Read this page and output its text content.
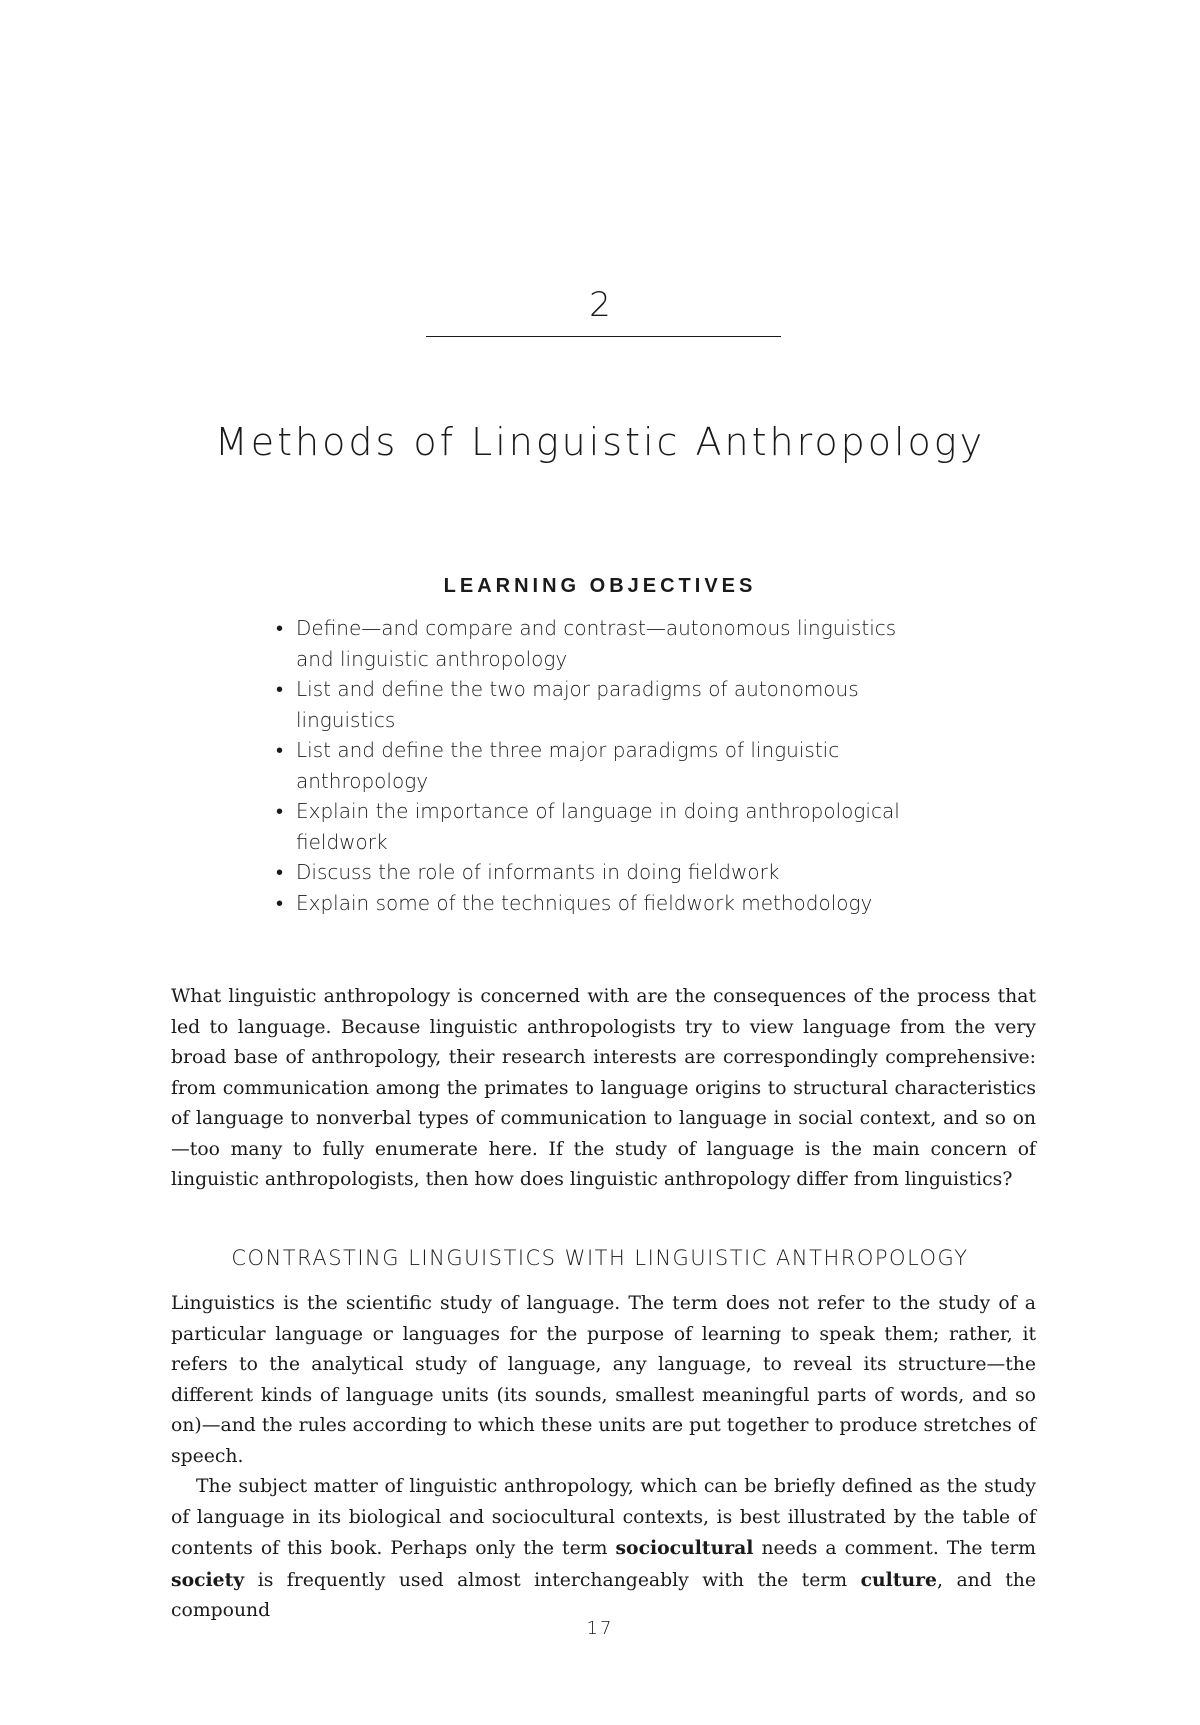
2
Methods of Linguistic Anthropology
LEARNING OBJECTIVES
• Define—and compare and contrast—autonomous linguistics and linguistic anthropology
• List and define the two major paradigms of autonomous linguistics
• List and define the three major paradigms of linguistic anthropology
• Explain the importance of language in doing anthropological fieldwork
• Discuss the role of informants in doing fieldwork
• Explain some of the techniques of fieldwork methodology

What linguistic anthropology is concerned with are the consequences of the process that led to language. Because linguistic anthropologists try to view language from the very broad base of anthropology, their research interests are correspondingly comprehensive: from communication among the primates to language origins to structural characteristics of language to nonverbal types of communication to language in social context, and so on—too many to fully enumerate here. If the study of language is the main concern of linguistic anthropologists, then how does linguistic anthropology differ from linguistics?

CONTRASTING LINGUISTICS WITH LINGUISTIC ANTHROPOLOGY

Linguistics is the scientific study of language. The term does not refer to the study of a particular language or languages for the purpose of learning to speak them; rather, it refers to the analytical study of language, any language, to reveal its structure—the different kinds of language units (its sounds, smallest meaningful parts of words, and so on)—and the rules according to which these units are put together to produce stretches of speech.

The subject matter of linguistic anthropology, which can be briefly defined as the study of language in its biological and sociocultural contexts, is best illustrated by the table of contents of this book. Perhaps only the term sociocultural needs a comment. The term society is frequently used almost interchangeably with the term culture, and the compound

17
